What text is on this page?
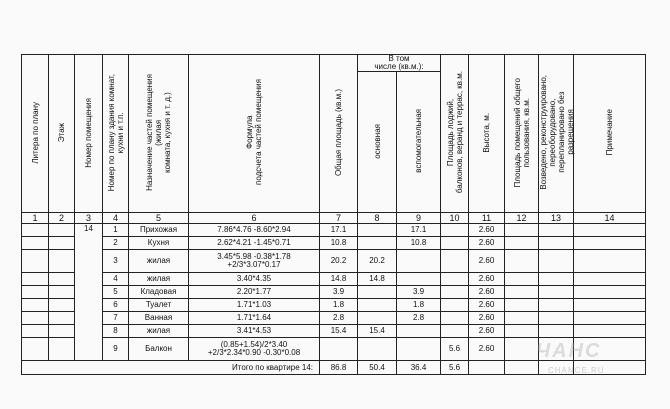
Литера по плану	Этаж	Номер помещения	Номер по плану здания комнат,
кухни и т.п.	Назначение частей помещения
(жилая
комната, кухня и т. д.)	Формула
подсчета частей помещения	Общая площадь (кв.м.)	В том
числе (кв.м.):		Площадь лоджий,
балконов, веранд и террас, кв.м.	Высота, м.	Площадь помещений общего
пользования, кв.м.	Возведено, реконструировано,
переоборудовано,
перепланировано без
разрешения	Примечание
							основная	вспомогательная					
1	2	3	4	5	6	7	8	9	10	11	12	13	14
		14	1	Прихожая	7.86*4.76 -8.60*2.94	17.1		17.1		2.60			
			2	Кухня	2.62*4.21 -1.45*0.71	10.8		10.8		2.60			
			3	жилая	3.45*5.98 -0.38*1.78
+2/3*3.07*0.17	20.2	20.2			2.60			
			4	жилая	3.40*4.35	14.8	14.8			2.60			
			5	Кладовая	2.20*1.77	3.9		3.9		2.60			
			6	Туалет	1.71*1.03	1.8		1.8		2.60			
			7	Ванная	1.71*1.64	2.8		2.8		2.60			
			8	жилая	3.41*4.53	15.4	15.4			2.60			
			9	Балкон	(0.85+1.54)/2*3.40
+2/3*2.34*0.90 -0.30*0.08				5.6	2.60			
Итого по квартире 14:						86.8	50.4	36.4	5.6				
ЧАНС
CHANCE.RU
